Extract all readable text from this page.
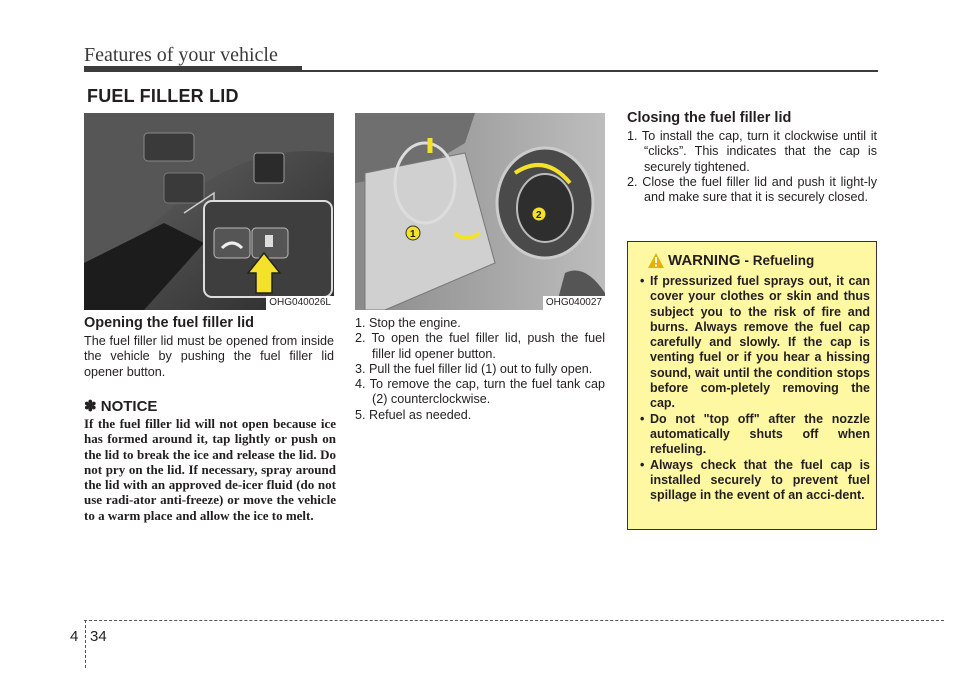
Features of your vehicle
FUEL FILLER LID
OHG040026L
1
2
OHG040027
Opening the fuel filler lid
The fuel filler lid must be opened from inside the vehicle by pushing the fuel filler lid opener button.
✽ NOTICE
If the fuel filler lid will not open because ice has formed around it, tap lightly or push on the lid to break the ice and release the lid. Do not pry on the lid. If necessary, spray around the lid with an approved de-icer fluid (do not use radi-ator anti-freeze) or move the vehicle to a warm place and allow the ice to melt.
1. Stop the engine.
2. To open the fuel filler lid, push the fuel filler lid opener button.
3. Pull the fuel filler lid (1) out to fully open.
4. To remove the cap, turn the fuel tank cap (2) counterclockwise.
5. Refuel as needed.
Closing the fuel filler lid
1. To install the cap, turn it clockwise until it “clicks”. This indicates that the cap is securely tightened.
2. Close the fuel filler lid and push it light-ly and make sure that it is securely closed.
WARNING - Refueling
• If pressurized fuel sprays out, it can cover your clothes or skin and thus subject you to the risk of fire and burns. Always remove the fuel cap carefully and slowly. If the cap is venting fuel or if you hear a hissing sound, wait until the condition stops before com-pletely removing the cap.
• Do not "top off" after the nozzle automatically shuts off when refueling.
• Always check that the fuel cap is installed securely to prevent fuel spillage in the event of an acci-dent.
4 34
